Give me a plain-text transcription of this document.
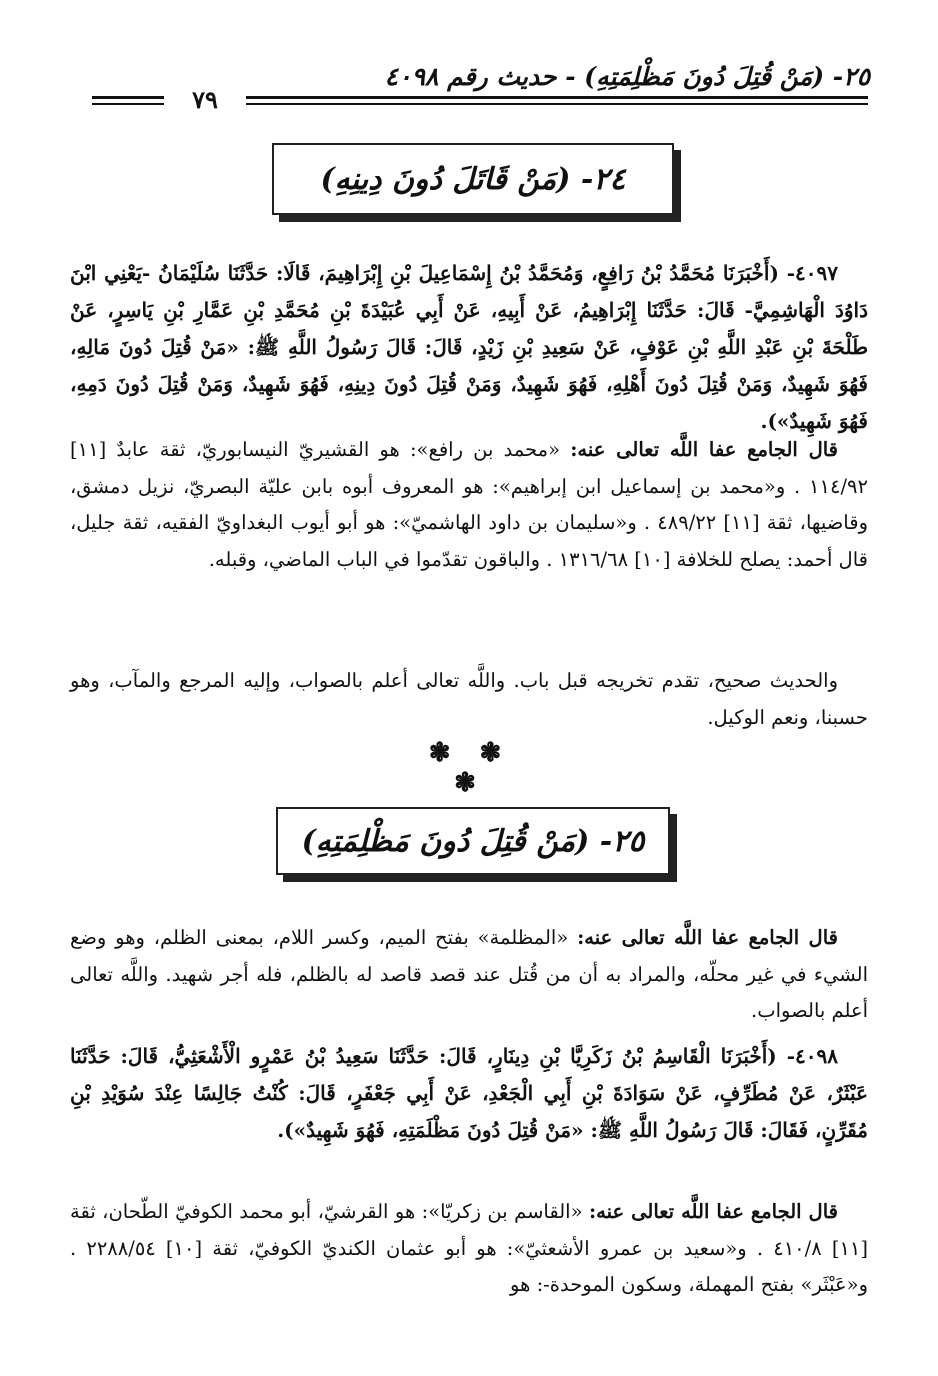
٢٥- (مَنْ قُتِلَ دُونَ مَظْلِمَتِهِ) - حديث رقم ٤٠٩٨
٧٩
٢٤- (مَنْ قَاتَلَ دُونَ دِينِهِ)
٤٠٩٧- (أَخْبَرَنَا مُحَمَّدُ بْنُ رَافِعٍ، وَمُحَمَّدُ بْنُ إِسْمَاعِيلَ بْنِ إِبْرَاهِيمَ، قَالَا: حَدَّثَنَا سُلَيْمَانُ -يَعْنِي ابْنَ دَاوُدَ الْهَاشِمِيَّ- قَالَ: حَدَّثَنَا إِبْرَاهِيمُ، عَنْ أَبِيهِ، عَنْ أَبِي عُبَيْدَةَ بْنِ مُحَمَّدِ بْنِ عَمَّارِ بْنِ يَاسِرٍ، عَنْ طَلْحَةَ بْنِ عَبْدِ اللَّهِ بْنِ عَوْفٍ، عَنْ سَعِيدِ بْنِ زَيْدٍ، قَالَ: قَالَ رَسُولُ اللَّهِ ﷺ: «مَنْ قُتِلَ دُونَ مَالِهِ، فَهُوَ شَهِيدٌ، وَمَنْ قُتِلَ دُونَ أَهْلِهِ، فَهُوَ شَهِيدٌ، وَمَنْ قُتِلَ دُونَ دِينِهِ، فَهُوَ شَهِيدٌ، وَمَنْ قُتِلَ دُونَ دَمِهِ، فَهُوَ شَهِيدٌ»).
قال الجامع عفا اللَّه تعالى عنه: «محمد بن رافع»: هو القشيريّ النيسابوريّ، ثقة عابدٌ [١١] ١١٤/٩٢ . و«محمد بن إسماعيل ابن إبراهيم»: هو المعروف أبوه بابن عليّة البصريّ، نزيل دمشق، وقاضيها، ثقة [١١] ٤٨٩/٢٢ . و«سليمان بن داود الهاشميّ»: هو أبو أيوب البغداويّ الفقيه، ثقة جليل، قال أحمد: يصلح للخلافة [١٠] ١٣١٦/٦٨ . والباقون تقدّموا في الباب الماضي، وقبله.
والحديث صحيح، تقدم تخريجه قبل باب. واللَّه تعالى أعلم بالصواب، وإليه المرجع والمآب، وهو حسبنا، ونعم الوكيل.
❃ ❃ ❃
٢٥- (مَنْ قُتِلَ دُونَ مَظْلِمَتِهِ)
قال الجامع عفا اللَّه تعالى عنه: «المظلمة» بفتح الميم، وكسر اللام، بمعنى الظلم، وهو وضع الشيء في غير محلّه، والمراد به أن من قُتل عند قصد قاصد له بالظلم، فله أجر شهيد. واللَّه تعالى أعلم بالصواب.
٤٠٩٨- (أَخْبَرَنَا الْقَاسِمُ بْنُ زَكَرِيَّا بْنِ دِينَارٍ، قَالَ: حَدَّثَنَا سَعِيدُ بْنُ عَمْرٍو الْأَشْعَثِيُّ، قَالَ: حَدَّثَنَا عَبْثَرٌ، عَنْ مُطَرِّفٍ، عَنْ سَوَادَةَ بْنِ أَبِي الْجَعْدِ، عَنْ أَبِي جَعْفَرٍ، قَالَ: كُنْتُ جَالِسًا عِنْدَ سُوَيْدِ بْنِ مُقَرِّنٍ، فَقَالَ: قَالَ رَسُولُ اللَّهِ ﷺ: «مَنْ قُتِلَ دُونَ مَظْلَمَتِهِ، فَهُوَ شَهِيدٌ»).
قال الجامع عفا اللَّه تعالى عنه: «القاسم بن زكريّا»: هو القرشيّ، أبو محمد الكوفيّ الطّحان، ثقة [١١] ٤١٠/٨ . و«سعيد بن عمرو الأشعثيّ»: هو أبو عثمان الكنديّ الكوفيّ، ثقة [١٠] ٢٢٨٨/٥٤ . و«عَبْثَر» بفتح المهملة، وسكون الموحدة-: هو
